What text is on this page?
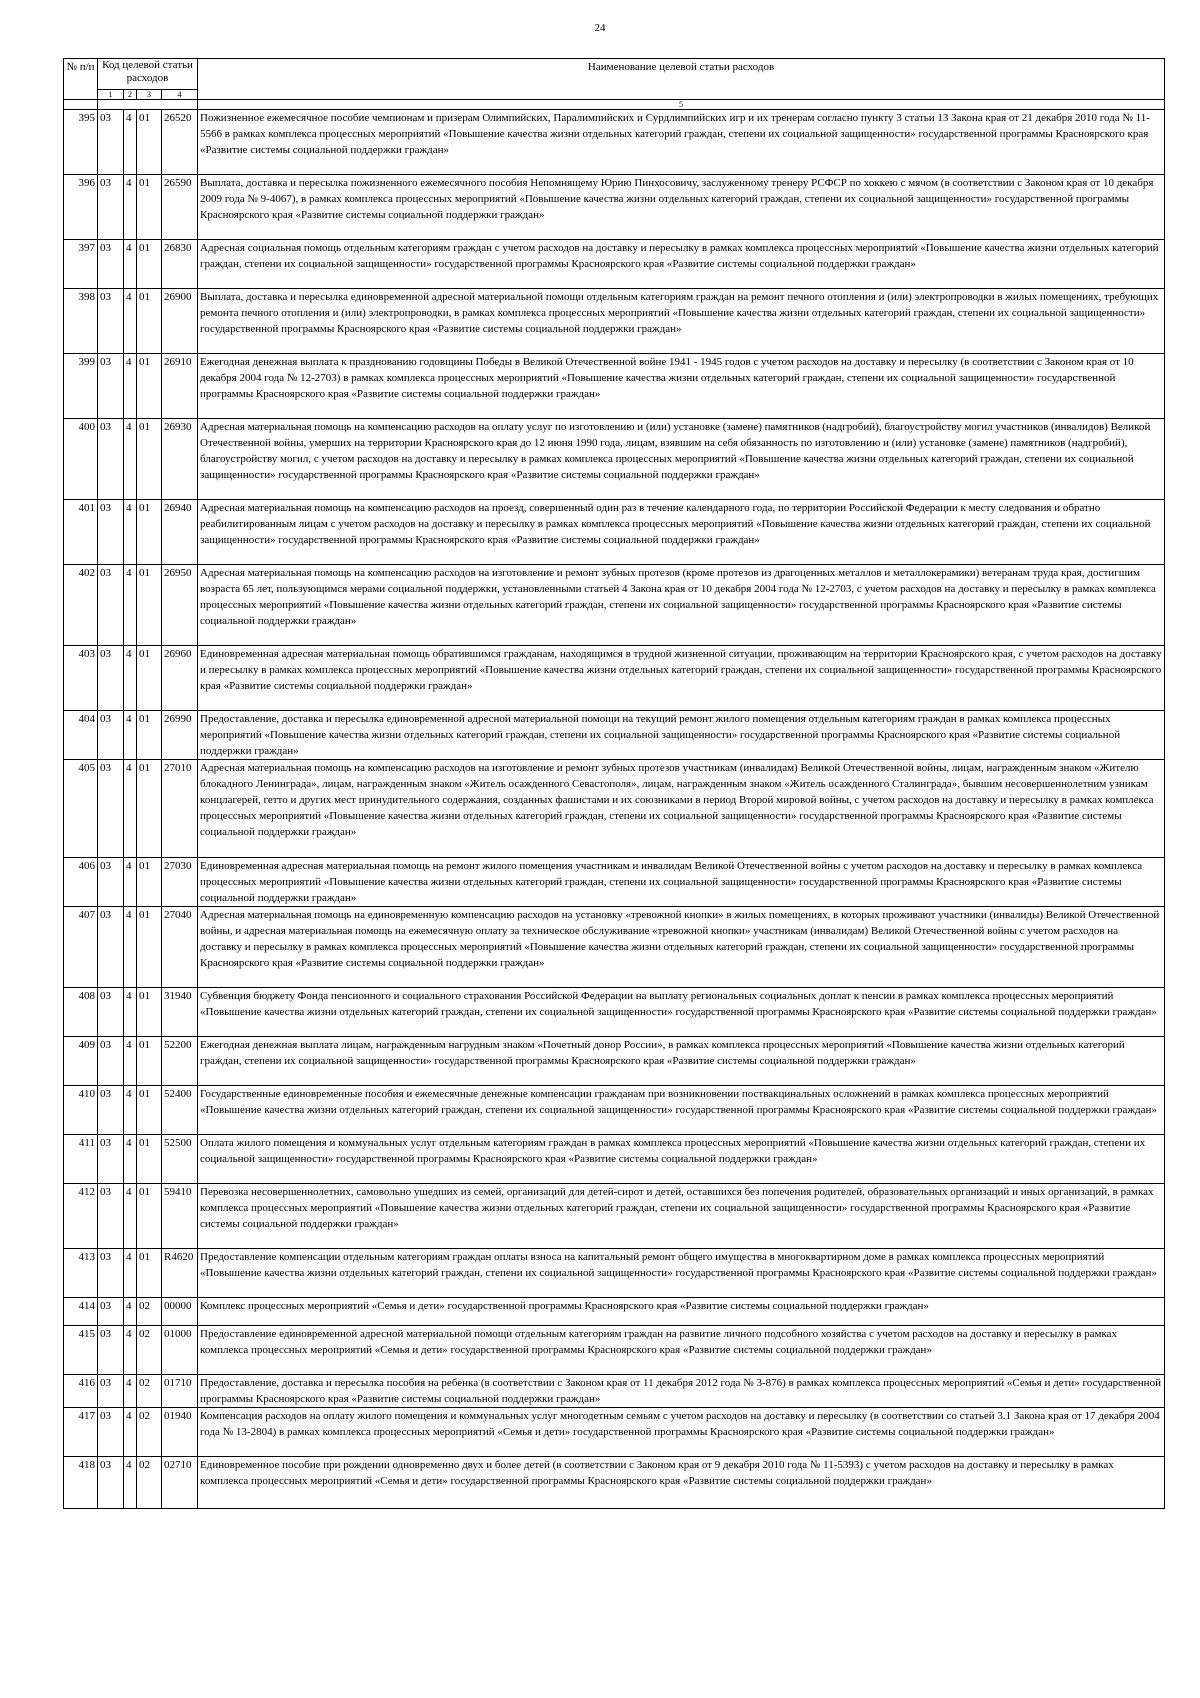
24
№ п/п	Код целевой статьи расходов				Наименование целевой статьи расходов
	1	2	3	4	
					5
395	03	4	01	26520	Пожизненное ежемесячное пособие чемпионам и призерам Олимпийских, Паралимпийских и Сурдлимпийских игр и их тренерам согласно пункту 3 статьи 13 Закона края от 21 декабря 2010 года № 11-5566 в рамках комплекса процессных мероприятий «Повышение качества жизни отдельных категорий граждан, степени их социальной защищенности» государственной программы Красноярского края «Развитие системы социальной поддержки граждан»
396	03	4	01	26590	Выплата, доставка и пересылка пожизненного ежемесячного пособия Непомнящему Юрию Пинхосовичу, заслуженному тренеру РСФСР по хоккею с мячом (в соответствии с Законом края от 10 декабря 2009 года № 9-4067), в рамках комплекса процессных мероприятий «Повышение качества жизни отдельных категорий граждан, степени их социальной защищенности» государственной программы Красноярского края «Развитие системы социальной поддержки граждан»
397	03	4	01	26830	Адресная социальная помощь отдельным категориям граждан с учетом расходов на доставку и пересылку в рамках комплекса процессных мероприятий «Повышение качества жизни отдельных категорий граждан, степени их социальной защищенности» государственной программы Красноярского края «Развитие системы социальной поддержки граждан»
398	03	4	01	26900	Выплата, доставка и пересылка единовременной адресной материальной помощи отдельным категориям граждан на ремонт печного отопления и (или) электропроводки в жилых помещениях, требующих ремонта печного отопления и (или) электропроводки, в рамках комплекса процессных мероприятий «Повышение качества жизни отдельных категорий граждан, степени их социальной защищенности» государственной программы Красноярского края «Развитие системы социальной поддержки граждан»
399	03	4	01	26910	Ежегодная денежная выплата к празднованию годовщины Победы в Великой Отечественной войне 1941 - 1945 годов с учетом расходов на доставку и пересылку (в соответствии с Законом края от 10 декабря 2004 года № 12-2703) в рамках комплекса процессных мероприятий «Повышение качества жизни отдельных категорий граждан, степени их социальной защищенности» государственной программы Красноярского края «Развитие системы социальной поддержки граждан»
400	03	4	01	26930	Адресная материальная помощь на компенсацию расходов на оплату услуг по изготовлению и (или) установке (замене) памятников (надгробий), благоустройству могил участников (инвалидов) Великой Отечественной войны, умерших на территории Красноярского края до 12 июня 1990 года, лицам, взявшим на себя обязанность по изготовлению и (или) установке (замене) памятников (надгробий), благоустройству могил, с учетом расходов на доставку и пересылку в рамках комплекса процессных мероприятий «Повышение качества жизни отдельных категорий граждан, степени их социальной защищенности» государственной программы Красноярского края «Развитие системы социальной поддержки граждан»
401	03	4	01	26940	Адресная материальная помощь на компенсацию расходов на проезд, совершенный один раз в течение календарного года, по территории Российской Федерации к месту следования и обратно реабилитированным лицам с учетом расходов на доставку и пересылку в рамках комплекса процессных мероприятий «Повышение качества жизни отдельных категорий граждан, степени их социальной защищенности» государственной программы Красноярского края «Развитие системы социальной поддержки граждан»
402	03	4	01	26950	Адресная материальная помощь на компенсацию расходов на изготовление и ремонт зубных протезов (кроме протезов из драгоценных металлов и металлокерамики) ветеранам труда края, достигшим возраста 65 лет, пользующимся мерами социальной поддержки, установленными статьей 4 Закона края от 10 декабря 2004 года № 12-2703, с учетом расходов на доставку и пересылку в рамках комплекса процессных мероприятий «Повышение качества жизни отдельных категорий граждан, степени их социальной защищенности» государственной программы Красноярского края «Развитие системы социальной поддержки граждан»
403	03	4	01	26960	Единовременная адресная материальная помощь обратившимся гражданам, находящимся в трудной жизненной ситуации, проживающим на территории Красноярского края, с учетом расходов на доставку и пересылку в рамках комплекса процессных мероприятий «Повышение качества жизни отдельных категорий граждан, степени их социальной защищенности» государственной программы Красноярского края «Развитие системы социальной поддержки граждан»
404	03	4	01	26990	Предоставление, доставка и пересылка единовременной адресной материальной помощи на текущий ремонт жилого помещения отдельным категориям граждан в рамках комплекса процессных мероприятий «Повышение качества жизни отдельных категорий граждан, степени их социальной защищенности» государственной программы Красноярского края «Развитие системы социальной поддержки граждан»
405	03	4	01	27010	Адресная материальная помощь на компенсацию расходов на изготовление и ремонт зубных протезов участникам (инвалидам) Великой Отечественной войны, лицам, награжденным знаком «Жителю блокадного Ленинграда», лицам, награжденным знаком «Житель осажденного Севастополя», лицам, награжденным знаком «Житель осажденного Сталинграда», бывшим несовершеннолетним узникам концлагерей, гетто и других мест принудительного содержания, созданных фашистами и их союзниками в период Второй мировой войны, с учетом расходов на доставку и пересылку в рамках комплекса процессных мероприятий «Повышение качества жизни отдельных категорий граждан, степени их социальной защищенности» государственной программы Красноярского края «Развитие системы социальной поддержки граждан»
406	03	4	01	27030	Единовременная адресная материальная помощь на ремонт жилого помещения участникам и инвалидам Великой Отечественной войны с учетом расходов на доставку и пересылку в рамках комплекса процессных мероприятий «Повышение качества жизни отдельных категорий граждан, степени их социальной защищенности» государственной программы Красноярского края «Развитие системы социальной поддержки граждан»
407	03	4	01	27040	Адресная материальная помощь на единовременную компенсацию расходов на установку «тревожной кнопки» в жилых помещениях, в которых проживают участники (инвалиды) Великой Отечественной войны, и адресная материальная помощь на ежемесячную оплату за техническое обслуживание «тревожной кнопки» участникам (инвалидам) Великой Отечественной войны с учетом расходов на доставку и пересылку в рамках комплекса процессных мероприятий «Повышение качества жизни отдельных категорий граждан, степени их социальной защищенности» государственной программы Красноярского края «Развитие системы социальной поддержки граждан»
408	03	4	01	31940	Субвенция бюджету Фонда пенсионного и социального страхования Российской Федерации на выплату региональных социальных доплат к пенсии в рамках комплекса процессных мероприятий «Повышение качества жизни отдельных категорий граждан, степени их социальной защищенности» государственной программы Красноярского края «Развитие системы социальной поддержки граждан»
409	03	4	01	52200	Ежегодная денежная выплата лицам, награжденным нагрудным знаком «Почетный донор России», в рамках комплекса процессных мероприятий «Повышение качества жизни отдельных категорий граждан, степени их социальной защищенности» государственной программы Красноярского края «Развитие системы социальной поддержки граждан»
410	03	4	01	52400	Государственные единовременные пособия и ежемесячные денежные компенсации гражданам при возникновении поствакцинальных осложнений в рамках комплекса процессных мероприятий «Повышение качества жизни отдельных категорий граждан, степени их социальной защищенности» государственной программы Красноярского края «Развитие системы социальной поддержки граждан»
411	03	4	01	52500	Оплата жилого помещения и коммунальных услуг отдельным категориям граждан в рамках комплекса процессных мероприятий «Повышение качества жизни отдельных категорий граждан, степени их социальной защищенности» государственной программы Красноярского края «Развитие системы социальной поддержки граждан»
412	03	4	01	59410	Перевозка несовершеннолетних, самовольно ушедших из семей, организаций для детей-сирот и детей, оставшихся без попечения родителей, образовательных организаций и иных организаций, в рамках комплекса процессных мероприятий «Повышение качества жизни отдельных категорий граждан, степени их социальной защищенности» государственной программы Красноярского края «Развитие системы социальной поддержки граждан»
413	03	4	01	R4620	Предоставление компенсации отдельным категориям граждан оплаты взноса на капитальный ремонт общего имущества в многоквартирном доме в рамках комплекса процессных мероприятий «Повышение качества жизни отдельных категорий граждан, степени их социальной защищенности» государственной программы Красноярского края «Развитие системы социальной поддержки граждан»
414	03	4	02	00000	Комплекс процессных мероприятий «Семья и дети» государственной программы Красноярского края «Развитие системы социальной поддержки граждан»
415	03	4	02	01000	Предоставление единовременной адресной материальной помощи отдельным категориям граждан на развитие личного подсобного хозяйства с учетом расходов на доставку и пересылку в рамках комплекса процессных мероприятий «Семья и дети» государственной программы Красноярского края «Развитие системы социальной поддержки граждан»
416	03	4	02	01710	Предоставление, доставка и пересылка пособия на ребенка (в соответствии с Законом края от 11 декабря 2012 года № 3-876) в рамках комплекса процессных мероприятий «Семья и дети» государственной программы Красноярского края «Развитие системы социальной поддержки граждан»
417	03	4	02	01940	Компенсация расходов на оплату жилого помещения и коммунальных услуг многодетным семьям с учетом расходов на доставку и пересылку (в соответствии со статьей 3.1 Закона края от 17 декабря 2004 года № 13-2804) в рамках комплекса процессных мероприятий «Семья и дети» государственной программы Красноярского края «Развитие системы социальной поддержки граждан»
418	03	4	02	02710	Единовременное пособие при рождении одновременно двух и более детей (в соответствии с Законом края от 9 декабря 2010 года № 11-5393) с учетом расходов на доставку и пересылку в рамках комплекса процессных мероприятий «Семья и дети» государственной программы Красноярского края «Развитие системы социальной поддержки граждан»
